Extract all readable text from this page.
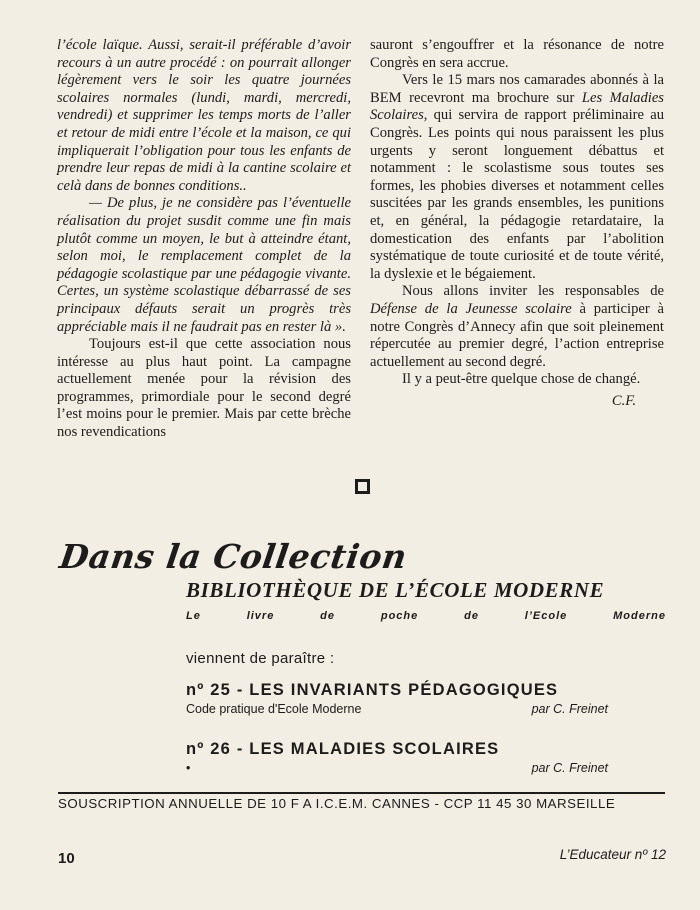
l’école laïque. Aussi, serait-il préférable d’avoir recours à un autre procédé : on pourrait allonger légèrement vers le soir les quatre journées scolaires normales (lundi, mardi, mercredi, vendredi) et supprimer les temps morts de l’aller et retour de midi entre l’école et la maison, ce qui impliquerait l’obligation pour tous les enfants de prendre leur repas de midi à la cantine scolaire et celà dans de bonnes conditions..

— De plus, je ne considère pas l’éventuelle réalisation du projet susdit comme une fin mais plutôt comme un moyen, le but à atteindre étant, selon moi, le remplacement complet de la pédagogie scolastique par une pédagogie vivante. Certes, un système scolastique débarrassé de ses principaux défauts serait un progrès très appréciable mais il ne faudrait pas en rester là ».

Toujours est-il que cette association nous intéresse au plus haut point. La campagne actuellement menée pour la révision des programmes, primordiale pour le second degré l’est moins pour le premier. Mais par cette brèche nos revendications

sauront s’engouffrer et la résonance de notre Congrès en sera accrue.

Vers le 15 mars nos camarades abonnés à la BEM recevront ma brochure sur Les Maladies Scolaires, qui servira de rapport préliminaire au Congrès. Les points qui nous paraissent les plus urgents y seront longuement débattus et notamment : le scolastisme sous toutes ses formes, les phobies diverses et notamment celles suscitées par les grands ensembles, les punitions et, en général, la pédagogie retardataire, la domestication des enfants par l’abolition systématique de toute curiosité et de toute vérité, la dyslexie et le bégaiement.

Nous allons inviter les responsables de Défense de la Jeunesse scolaire à participer à notre Congrès d’Annecy afin que soit pleinement répercutée au premier degré, l’action entreprise actuellement au second degré.

Il y a peut-être quelque chose de changé.

C.F.

Dans la Collection
BIBLIOTHÈQUE DE L’ÉCOLE MODERNE
Le	livre	de	poche	de	l’Ecole	Moderne
viennent de paraître :
nº 25 - LES INVARIANTS PÉDAGOGIQUES
Code pratique d'Ecole Moderne	par C. Freinet
nº 26 - LES MALADIES SCOLAIRES
•	par C. Freinet
SOUSCRIPTION ANNUELLE DE 10 F A I.C.E.M. CANNES - CCP 11 45 30 MARSEILLE
10	L’Educateur nº 12
